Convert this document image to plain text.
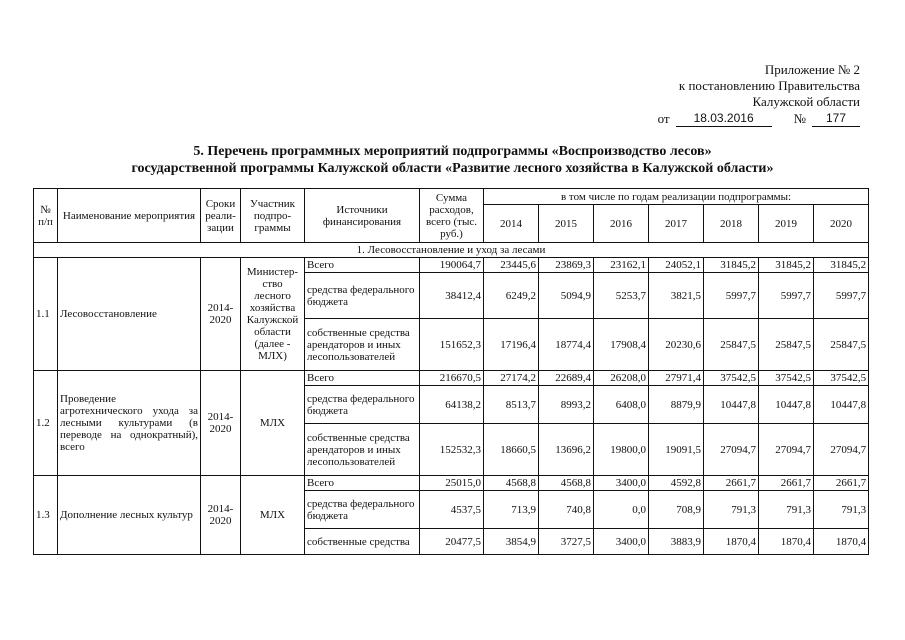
Приложение № 2
к постановлению Правительства
Калужской области
от	18.03.2016	№	177
5. Перечень программных мероприятий подпрограммы «Воспроизводство лесов»
государственной программы Калужской области «Развитие лесного хозяйства в Калужской области»
№ п/п	Наименование мероприятия	Сроки реали-зации	Участник подпро-граммы	Источники финансирования	Сумма расходов, всего (тыс. руб.)	в том числе по годам реализации подпрограммы:						
						2014	2015	2016	2017	2018	2019	2020
1. Лесовосстановление и уход за лесами												
1.1	Лесовосстановление	2014-2020	Министер-ство лесного хозяйства Калужской области (далее - МЛХ)	Всего	190064,7	23445,6	23869,3	23162,1	24052,1	31845,2	31845,2	31845,2
				средства федерального бюджета	38412,4	6249,2	5094,9	5253,7	3821,5	5997,7	5997,7	5997,7
				собственные средства арендаторов и иных лесопользователей	151652,3	17196,4	18774,4	17908,4	20230,6	25847,5	25847,5	25847,5
1.2	Проведение агротехнического ухода за лесными культурами (в переводе на однократный), всего	2014-2020	МЛХ	Всего	216670,5	27174,2	22689,4	26208,0	27971,4	37542,5	37542,5	37542,5
				средства федерального бюджета	64138,2	8513,7	8993,2	6408,0	8879,9	10447,8	10447,8	10447,8
				собственные средства арендаторов и иных лесопользователей	152532,3	18660,5	13696,2	19800,0	19091,5	27094,7	27094,7	27094,7
1.3	Дополнение лесных культур	2014-2020	МЛХ	Всего	25015,0	4568,8	4568,8	3400,0	4592,8	2661,7	2661,7	2661,7
				средства федерального бюджета	4537,5	713,9	740,8	0,0	708,9	791,3	791,3	791,3
				собственные средства	20477,5	3854,9	3727,5	3400,0	3883,9	1870,4	1870,4	1870,4
